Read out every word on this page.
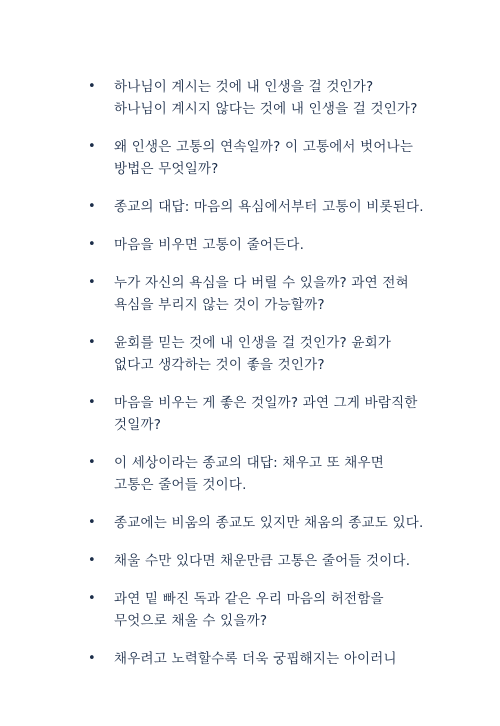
• 하나님이 계시는 것에 내 인생을 걸 것인가? 하나님이 계시지 않다는 것에 내 인생을 걸 것인가?
• 왜 인생은 고통의 연속일까? 이 고통에서 벗어나는 방법은 무엇일까?
• 종교의 대답: 마음의 욕심에서부터 고통이 비롯된다.
• 마음을 비우면 고통이 줄어든다.
• 누가 자신의 욕심을 다 버릴 수 있을까? 과연 전혀 욕심을 부리지 않는 것이 가능할까?
• 윤회를 믿는 것에 내 인생을 걸 것인가? 윤회가 없다고 생각하는 것이 좋을 것인가?
• 마음을 비우는 게 좋은 것일까? 과연 그게 바람직한 것일까?
• 이 세상이라는 종교의 대답: 채우고 또 채우면 고통은 줄어들 것이다.
• 종교에는 비움의 종교도 있지만 채움의 종교도 있다.
• 채울 수만 있다면 채운만큼 고통은 줄어들 것이다.
• 과연 밑 빠진 독과 같은 우리 마음의 허전함을 무엇으로 채울 수 있을까?
• 채우려고 노력할수록 더욱 궁핍해지는 아이러니
